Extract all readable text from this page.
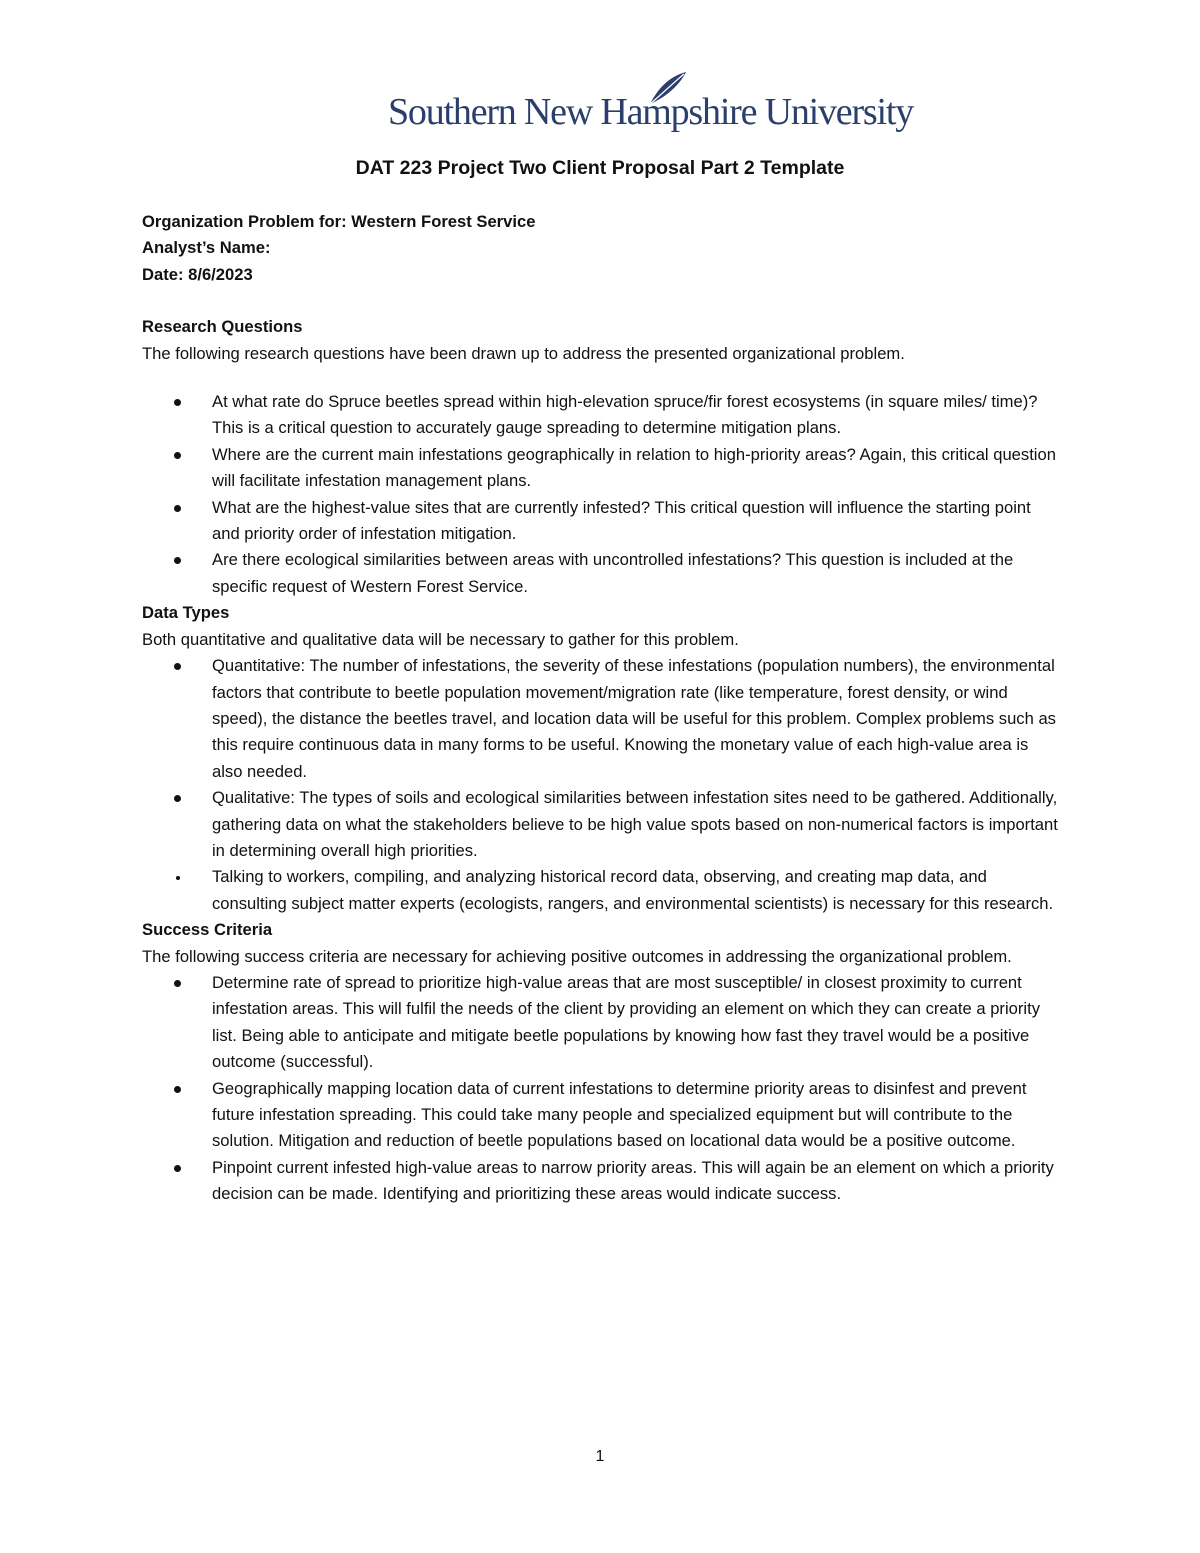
Southern New Hampshire University
DAT 223 Project Two Client Proposal Part 2 Template

Organization Problem for: Western Forest Service

Analyst’s Name:

Date: 8/6/2023

Research Questions

The following research questions have been drawn up to address the presented organizational problem.

At what rate do Spruce beetles spread within high-elevation spruce/fir forest ecosystems (in square miles/ time)? This is a critical question to accurately gauge spreading to determine mitigation plans.
Where are the current main infestations geographically in relation to high-priority areas? Again, this critical question will facilitate infestation management plans.
What are the highest-value sites that are currently infested? This critical question will influence the starting point and priority order of infestation mitigation.
Are there ecological similarities between areas with uncontrolled infestations? This question is included at the specific request of Western Forest Service.

Data Types

Both quantitative and qualitative data will be necessary to gather for this problem.

Quantitative: The number of infestations, the severity of these infestations (population numbers), the environmental factors that contribute to beetle population movement/migration rate (like temperature, forest density, or wind speed), the distance the beetles travel, and location data will be useful for this problem. Complex problems such as this require continuous data in many forms to be useful. Knowing the monetary value of each high-value area is also needed.
Qualitative: The types of soils and ecological similarities between infestation sites need to be gathered. Additionally, gathering data on what the stakeholders believe to be high value spots based on non-numerical factors is important in determining overall high priorities.
Talking to workers, compiling, and analyzing historical record data, observing, and creating map data, and consulting subject matter experts (ecologists, rangers, and environmental scientists) is necessary for this research.

Success Criteria

The following success criteria are necessary for achieving positive outcomes in addressing the organizational problem.

Determine rate of spread to prioritize high-value areas that are most susceptible/ in closest proximity to current infestation areas. This will fulfil the needs of the client by providing an element on which they can create a priority list. Being able to anticipate and mitigate beetle populations by knowing how fast they travel would be a positive outcome (successful).
Geographically mapping location data of current infestations to determine priority areas to disinfest and prevent future infestation spreading. This could take many people and specialized equipment but will contribute to the solution. Mitigation and reduction of beetle populations based on locational data would be a positive outcome.
Pinpoint current infested high-value areas to narrow priority areas. This will again be an element on which a priority decision can be made. Identifying and prioritizing these areas would indicate success.
1
